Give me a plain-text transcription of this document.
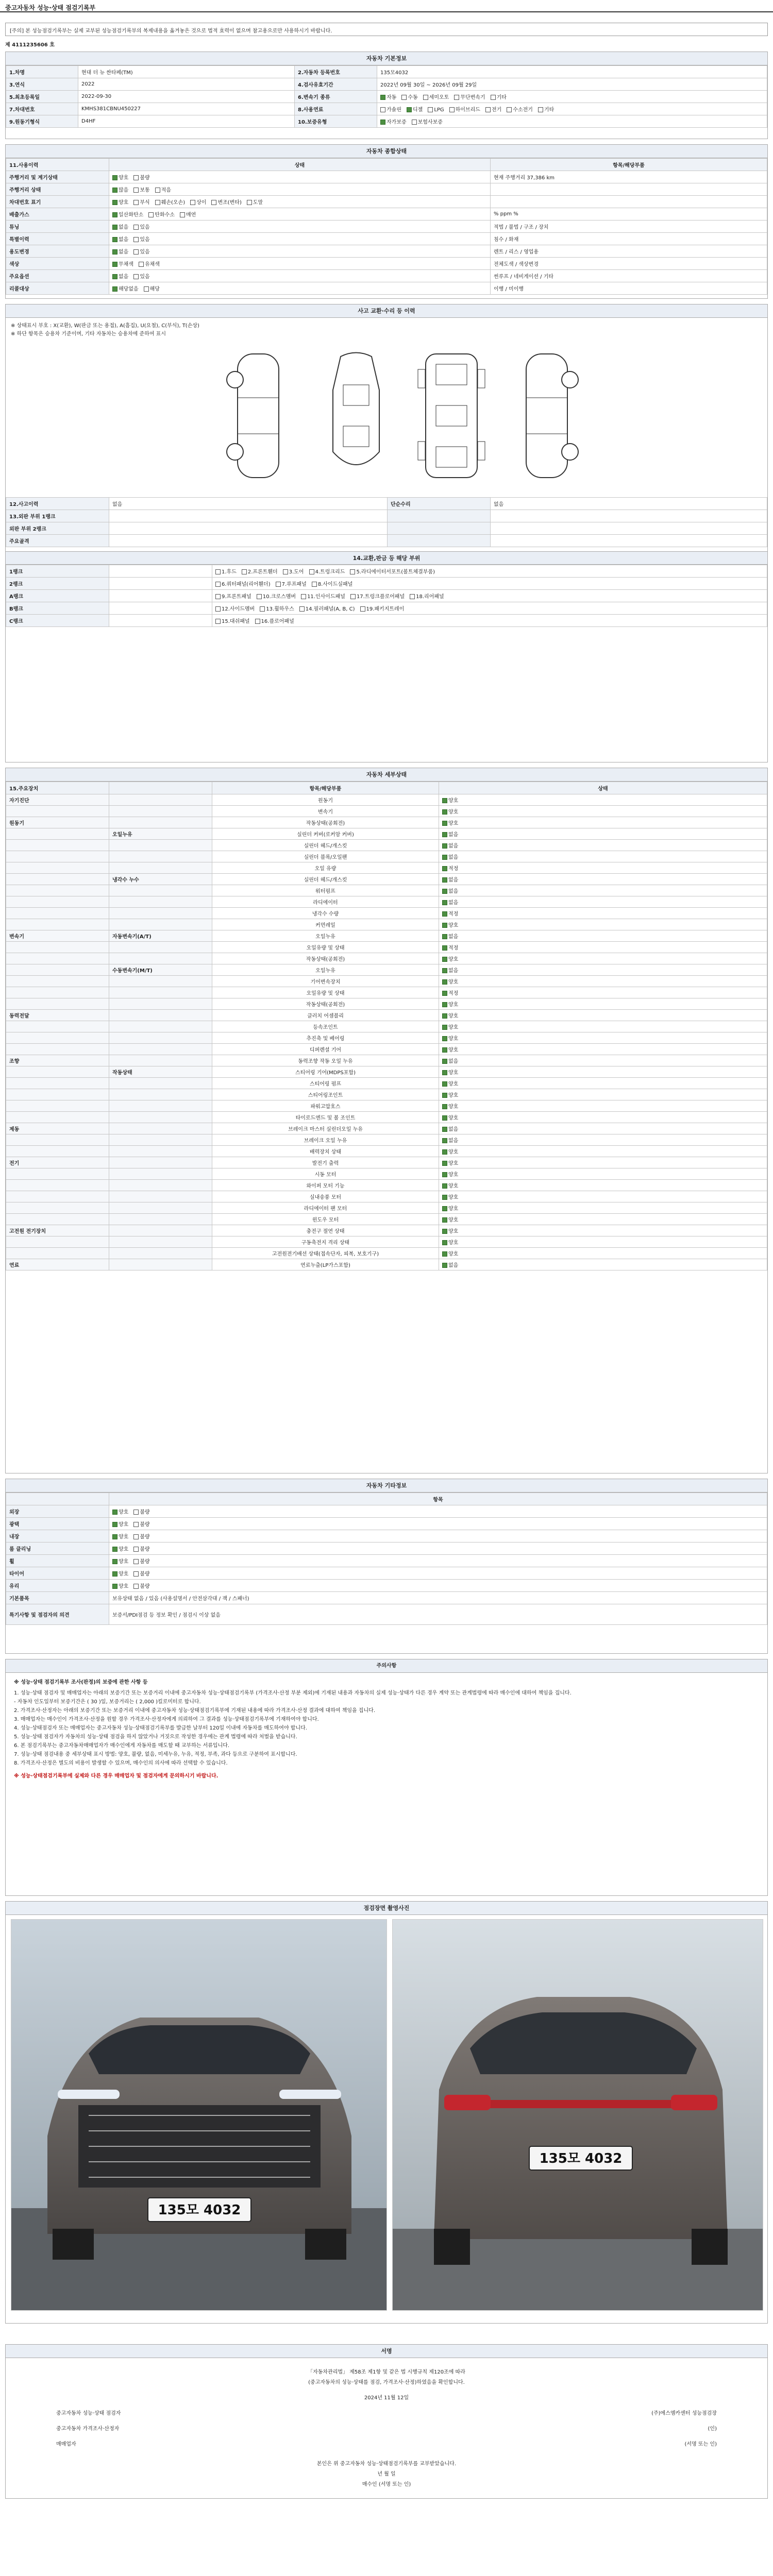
중고자동차 성능·상태 점검기록부
[주의] 본 성능점검기록부는 실제 교부된 성능점검기록부의 복제내용을 옮겨놓은 것으로 법적 효력이 없으며 참고용으로만 사용하시기 바랍니다.
제 4111235606 호
자동차 기본정보
1.차명	현대 더 뉴 싼타페(TM)	2.자동차 등록번호	135모4032
3.연식	2022	4.검사유효기간	2022년 09월 30일 ~ 2026년 09월 29일
5.최초등록일	2022-09-30	6.변속기 종류	자동 수동 세미오토 무단변속기 기타
7.차대번호	KMHS381CBNU450227	8.사용연료	가솔린 디젤 LPG 하이브리드 전기 수소전기 기타
9.원동기형식	D4HF	10.보증유형	자가보증 보험사보증
자동차 종합상태
11.사용이력	상태	항목/해당부품
주행거리 및 계기상태	양호 불량	현재 주행거리 37,386 km
주행거리 상태	많음 보통 적음	
차대번호 표기	양호 부식 훼손(오손) 상이 변조(변타) 도말	
배출가스	일산화탄소 탄화수소 매연	% ppm %
튜닝	없음 있음	적법 / 불법 / 구조 / 장치
특별이력	없음 있음	침수 / 화재
용도변경	없음 있음	렌트 / 리스 / 영업용
색상	무채색 유채색	전체도색 / 색상변경
주요옵션	없음 있음	썬루프 / 네비게이션 / 기타
리콜대상	해당없음 해당	이행 / 미이행
사고 교환·수리 등 이력
※ 상태표시 부호 : X(교환), W(판금 또는 용접), A(흠집), U(요철), C(부식), T(손상)
※ 하단 항목은 승용차 기준이며, 기타 자동차는 승용차에 준하여 표시
12.사고이력	없음	단순수리	없음
13.외판 부위 1랭크			
외판 부위 2랭크			
주요골격			
14.교환,판금 등 해당 부위
1랭크		1.후드 2.프론트휀더 3.도어 4.트렁크리드 5.라디에이터서포트(볼트체결부품)
2랭크		6.쿼터패널(리어휀더) 7.루프패널 8.사이드실패널
A랭크		9.프론트패널 10.크로스멤버 11.인사이드패널 17.트렁크플로어패널 18.리어패널
B랭크		12.사이드멤버 13.휠하우스 14.필러패널(A, B, C) 19.패키지트레이
C랭크		15.대쉬패널 16.플로어패널
자동차 세부상태
15.주요장치		항목/해당부품	상태
자기진단		원동기	양호
		변속기	양호
원동기		작동상태(공회전)	양호
	오일누유	실린더 커버(로커암 커버)	없음
		실린더 헤드/개스킷	없음
		실린더 블록/오일팬	없음
		오일 유량	적정
	냉각수 누수	실린더 헤드/개스킷	없음
		워터펌프	없음
		라디에이터	없음
		냉각수 수량	적정
		커먼레일	양호
변속기	자동변속기(A/T)	오일누유	없음
		오일유량 및 상태	적정
		작동상태(공회전)	양호
	수동변속기(M/T)	오일누유	없음
		기어변속장치	양호
		오일유량 및 상태	적정
		작동상태(공회전)	양호
동력전달		클러치 어셈블리	양호
		등속조인트	양호
		추진축 및 베어링	양호
		디퍼렌셜 기어	양호
조향		동력조향 작동 오일 누유	없음
	작동상태	스티어링 기어(MDPS포함)	양호
		스티어링 펌프	양호
		스티어링조인트	양호
		파워고압호스	양호
		타이로드엔드 및 볼 조인트	양호
제동		브레이크 마스터 실린더오일 누유	없음
		브레이크 오일 누유	없음
		배력장치 상태	양호
전기		발전기 출력	양호
		시동 모터	양호
		와이퍼 모터 기능	양호
		실내송풍 모터	양호
		라디에이터 팬 모터	양호
		윈도우 모터	양호
고전원 전기장치		충전구 절연 상태	양호
		구동축전지 격리 상태	양호
		고전원전기배선 상태(접속단자, 피복, 보호기구)	양호
연료		연료누출(LP가스포함)	없음
자동차 기타정보
	항목
외장	양호 불량
광택	양호 불량
내장	양호 불량
룸 클리닝	양호 불량
휠	양호 불량
타이어	양호 불량
유리	양호 불량
기본품목	보유상태 없음 / 있음 (사용설명서 / 안전삼각대 / 잭 / 스패너)
특기사항 및 점검자의 의견	보증서/PDI점검 등 정보 확인 / 점검시 이상 없음
주의사항
※ 성능·상태 점검기록부 조사(판정)의 보증에 관한 사항 등
1. 성능·상태 점검자 및 매매업자는 아래의 보증기간 또는 보증거리 이내에 중고자동차 성능·상태점검기록부 (가격조사·산정 부분 제외)에 기재된 내용과 자동차의 실제 성능·상태가 다른 경우 계약 또는 관계법령에 따라 매수인에 대하여 책임을 집니다.
- 자동차 인도일부터 보증기간은 ( 30 )일, 보증거리는 ( 2,000 )킬로미터로 합니다.
2. 가격조사·산정자는 아래의 보증기간 또는 보증거리 이내에 중고자동차 성능·상태점검기록부에 기재된 내용에 따라 가격조사·산정 결과에 대하여 책임을 집니다.
3. 매매업자는 매수인이 가격조사·산정을 원할 경우 가격조사·산정자에게 의뢰하여 그 결과를 성능·상태점검기록부에 기재하여야 합니다.
4. 성능·상태점검자 또는 매매업자는 중고자동차 성능·상태점검기록부를 발급한 날부터 120일 이내에 자동차를 매도하여야 합니다.
5. 성능·상태 점검자가 자동차의 성능·상태 점검을 하지 않았거나 거짓으로 작성한 경우에는 관계 법령에 따라 처벌을 받습니다.
6. 본 점검기록부는 중고자동차매매업자가 매수인에게 자동차를 매도할 때 교부하는 서류입니다.
7. 성능·상태 점검내용 중 세부상태 표시 방법: 양호, 불량, 없음, 미세누유, 누유, 적정, 부족, 과다 등으로 구분하여 표시합니다.
8. 가격조사·산정은 별도의 비용이 발생할 수 있으며, 매수인의 의사에 따라 선택할 수 있습니다.
※ 성능·상태점검기록부에 실제와 다른 경우 매매업자 및 점검자에게 문의하시기 바랍니다.
점검장면 촬영사진
135모 4032
135모 4032
서명
「자동차관리법」 제58조 제1항 및 같은 법 시행규칙 제120조에 따라
(중고자동차의 성능·상태를 점검, 가격조사·산정)하였음을 확인합니다.
2024년 11월 12일
중고자동차 성능·상태 점검자	(주)에스엠카센터 성능점검장
중고자동차 가격조사·산정자	(인)
매매업자	(서명 또는 인)
본인은 위 중고자동차 성능·상태점검기록부를 교부받았습니다.
년 월 일
매수인 (서명 또는 인)
